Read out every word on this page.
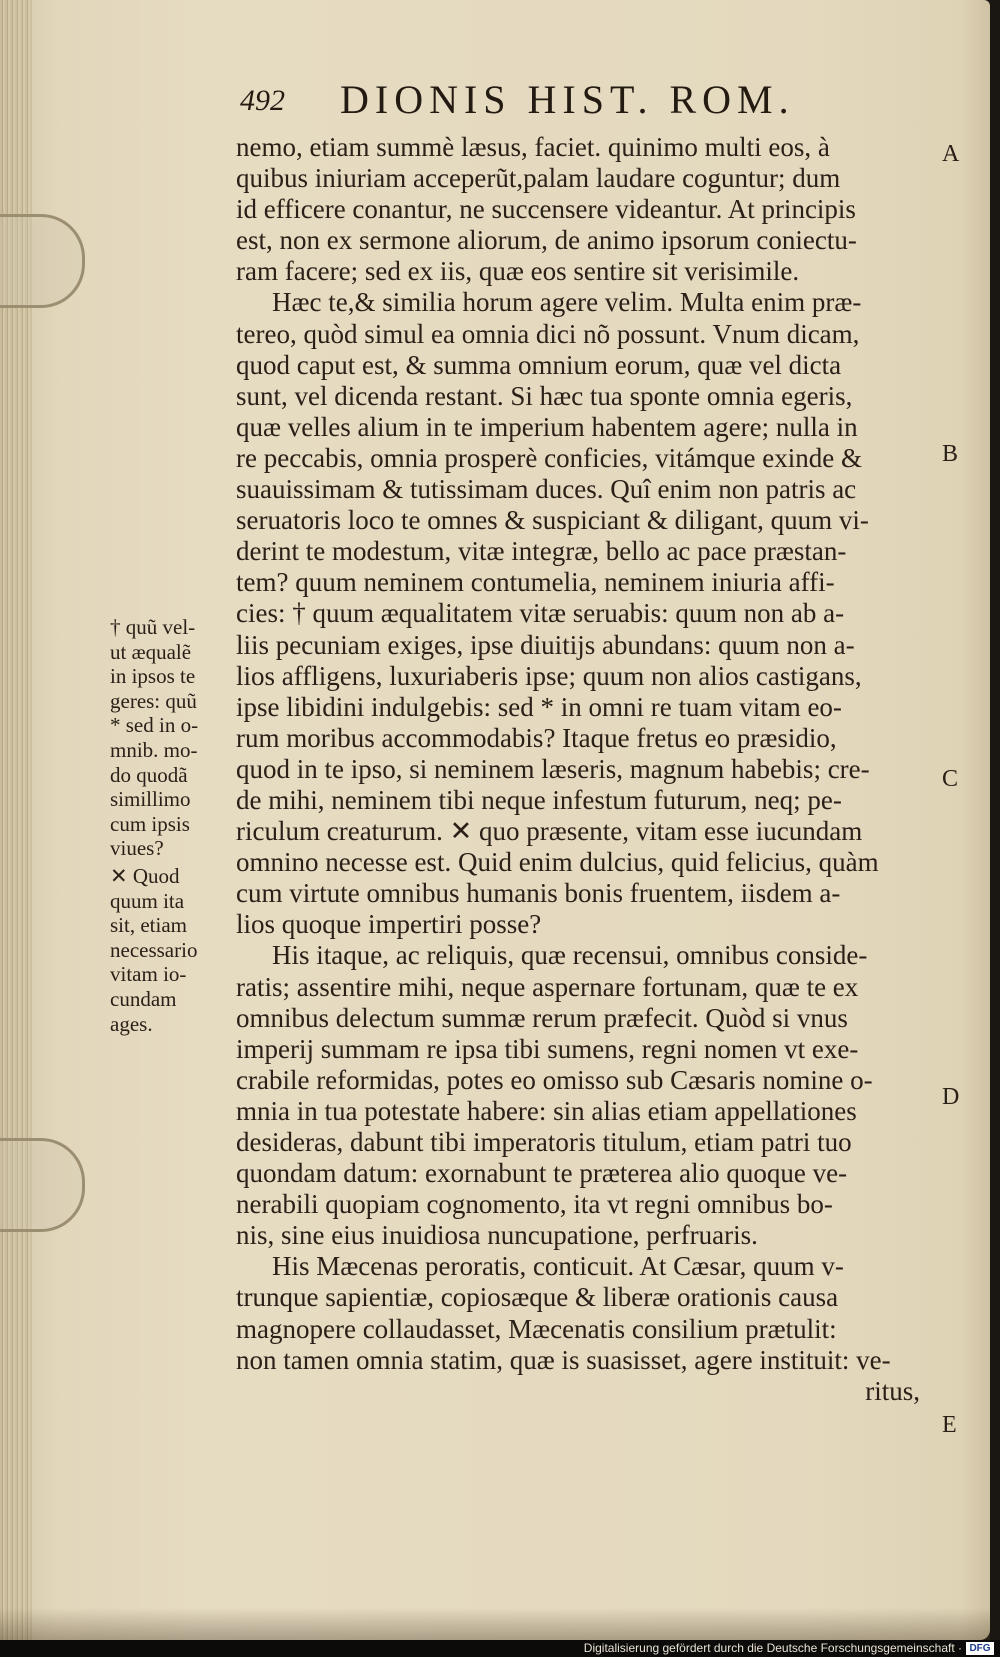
492 DIONIS HIST. ROM.
nemo, etiam summè læsus, faciet. quinimo multi eos, à
quibus iniuriam acceperũt,palam laudare coguntur; dum
id efficere conantur, ne succensere videantur. At principis
est, non ex sermone aliorum, de animo ipsorum coniectu-
ram facere; sed ex iis, quæ eos sentire sit verisimile.
Hæc te,& similia horum agere velim. Multa enim præ-
tereo, quòd simul ea omnia dici nõ possunt. Vnum dicam,
quod caput est, & summa omnium eorum, quæ vel dicta
sunt, vel dicenda restant. Si hæc tua sponte omnia egeris,
quæ velles alium in te imperium habentem agere; nulla in
re peccabis, omnia prosperè conficies, vitámque exinde &
suauissimam & tutissimam duces. Quî enim non patris ac
seruatoris loco te omnes & suspiciant & diligant, quum vi-
derint te modestum, vitæ integræ, bello ac pace præstan-
tem? quum neminem contumelia, neminem iniuria affi-
cies: † quum æqualitatem vitæ seruabis: quum non ab a-
liis pecuniam exiges, ipse diuitijs abundans: quum non a-
lios affligens, luxuriaberis ipse; quum non alios castigans,
ipse libidini indulgebis: sed * in omni re tuam vitam eo-
rum moribus accommodabis? Itaque fretus eo præsidio,
quod in te ipso, si neminem læseris, magnum habebis; cre-
de mihi, neminem tibi neque infestum futurum, neq; pe-
riculum creaturum. ✕ quo præsente, vitam esse iucundam
omnino necesse est. Quid enim dulcius, quid felicius, quàm
cum virtute omnibus humanis bonis fruentem, iisdem a-
lios quoque impertiri posse?
His itaque, ac reliquis, quæ recensui, omnibus conside-
ratis; assentire mihi, neque aspernare fortunam, quæ te ex
omnibus delectum summæ rerum præfecit. Quòd si vnus
imperij summam re ipsa tibi sumens, regni nomen vt exe-
crabile reformidas, potes eo omisso sub Cæsaris nomine o-
mnia in tua potestate habere: sin alias etiam appellationes
desideras, dabunt tibi imperatoris titulum, etiam patri tuo
quondam datum: exornabunt te præterea alio quoque ve-
nerabili quopiam cognomento, ita vt regni omnibus bo-
nis, sine eius inuidiosa nuncupatione, perfruaris.
His Mæcenas peroratis, conticuit. At Cæsar, quum v-
trunque sapientiæ, copiosæque & liberæ orationis causa
magnopere collaudasset, Mæcenatis consilium prætulit:
non tamen omnia statim, quæ is suasisset, agere instituit: ve-
ritus,
† quũ vel-
ut æqualẽ
in ipsos te
geres: quũ
* sed in o-
mnib. mo-
do quodã
simillimo
cum ipsis
viues?
✕ Quod
quum ita
sit, etiam
necessario
vitam io-
cundam
ages.
A
B
C
D
E
Digitalisierung gefördert durch die Deutsche Forschungsgemeinschaft · DFG
